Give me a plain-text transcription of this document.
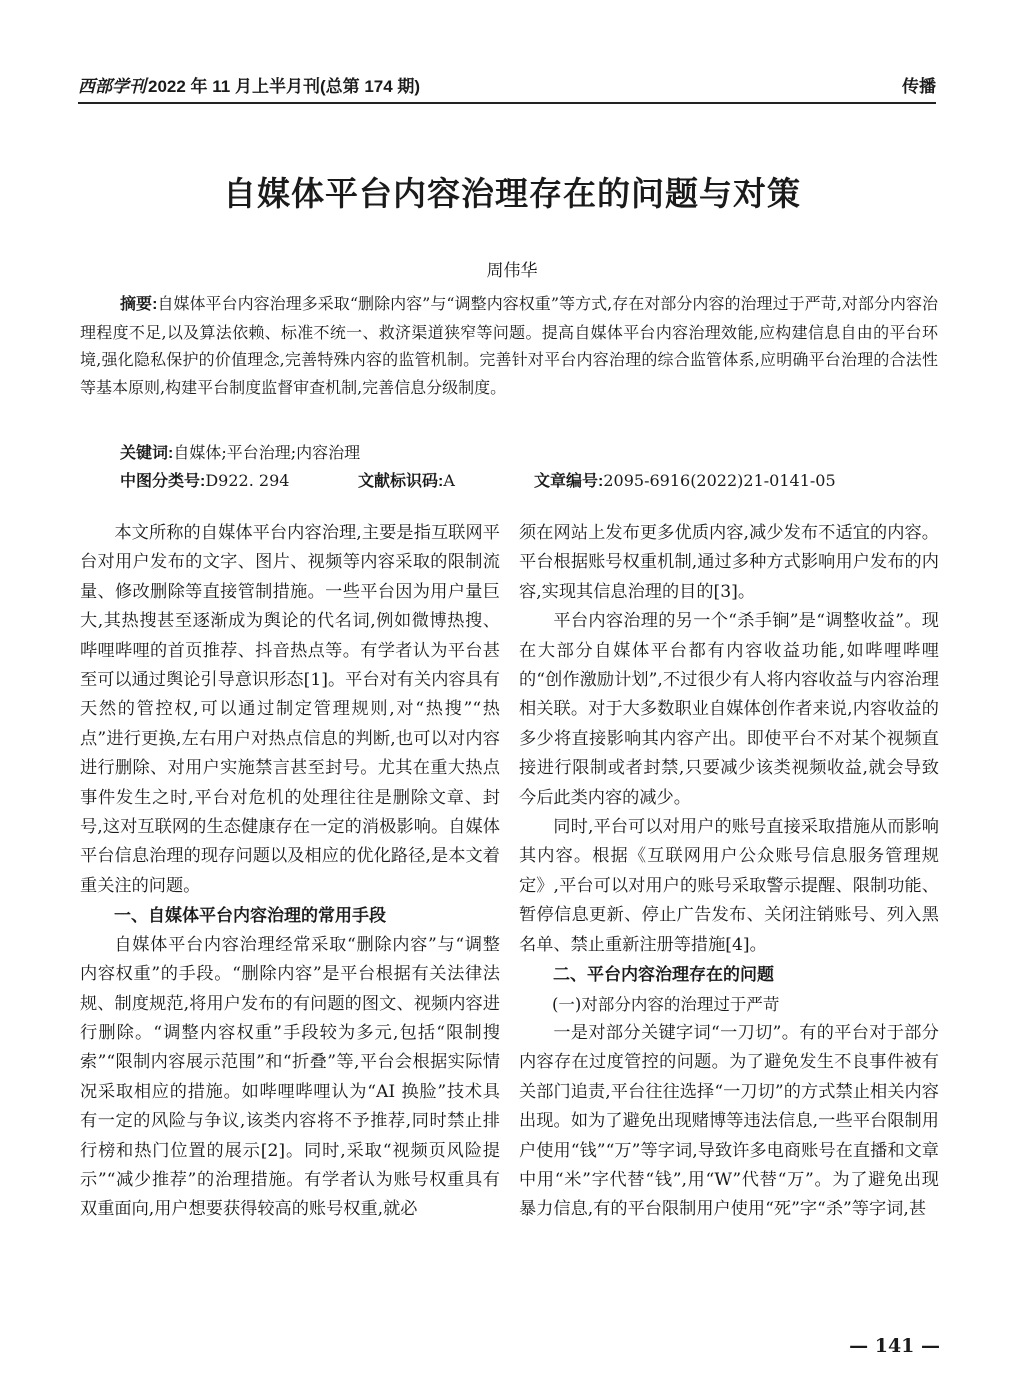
西部学刊 2022 年 11 月上半月刊(总第 174 期)	传播
自媒体平台内容治理存在的问题与对策
周伟华
摘要:自媒体平台内容治理多采取“删除内容”与“调整内容权重”等方式,存在对部分内容的治理过于严苛,对部分内容治理程度不足,以及算法依赖、标准不统一、救济渠道狭窄等问题。提高自媒体平台内容治理效能,应构建信息自由的平台环境,强化隐私保护的价值理念,完善特殊内容的监管机制。完善针对平台内容治理的综合监管体系,应明确平台治理的合法性等基本原则,构建平台制度监督审查机制,完善信息分级制度。
关键词:自媒体;平台治理;内容治理
中图分类号:D922. 294	文献标识码:A	文章编号:2095-6916(2022)21-0141-05

本文所称的自媒体平台内容治理,主要是指互联网平台对用户发布的文字、图片、视频等内容采取的限制流量、修改删除等直接管制措施。一些平台因为用户量巨大,其热搜甚至逐渐成为舆论的代名词,例如微博热搜、哔哩哔哩的首页推荐、抖音热点等。有学者认为平台甚至可以通过舆论引导意识形态[1]。平台对有关内容具有天然的管控权,可以通过制定管理规则,对“热搜”“热点”进行更换,左右用户对热点信息的判断,也可以对内容进行删除、对用户实施禁言甚至封号。尤其在重大热点事件发生之时,平台对危机的处理往往是删除文章、封号,这对互联网的生态健康存在一定的消极影响。自媒体平台信息治理的现存问题以及相应的优化路径,是本文着重关注的问题。

一、自媒体平台内容治理的常用手段

自媒体平台内容治理经常采取“删除内容”与“调整内容权重”的手段。“删除内容”是平台根据有关法律法规、制度规范,将用户发布的有问题的图文、视频内容进行删除。“调整内容权重”手段较为多元,包括“限制搜索”“限制内容展示范围”和“折叠”等,平台会根据实际情况采取相应的措施。如哔哩哔哩认为“AI 换脸”技术具有一定的风险与争议,该类内容将不予推荐,同时禁止排行榜和热门位置的展示[2]。同时,采取“视频页风险提示”“减少推荐”的治理措施。有学者认为账号权重具有双重面向,用户想要获得较高的账号权重,就必

须在网站上发布更多优质内容,减少发布不适宜的内容。平台根据账号权重机制,通过多种方式影响用户发布的内容,实现其信息治理的目的[3]。

平台内容治理的另一个“杀手锏”是“调整收益”。现在大部分自媒体平台都有内容收益功能,如哔哩哔哩的“创作激励计划”,不过很少有人将内容收益与内容治理相关联。对于大多数职业自媒体创作者来说,内容收益的多少将直接影响其内容产出。即使平台不对某个视频直接进行限制或者封禁,只要减少该类视频收益,就会导致今后此类内容的减少。

同时,平台可以对用户的账号直接采取措施从而影响其内容。根据《互联网用户公众账号信息服务管理规定》,平台可以对用户的账号采取警示提醒、限制功能、暂停信息更新、停止广告发布、关闭注销账号、列入黑名单、禁止重新注册等措施[4]。

二、平台内容治理存在的问题
(一)对部分内容的治理过于严苛

一是对部分关键字词“一刀切”。有的平台对于部分内容存在过度管控的问题。为了避免发生不良事件被有关部门追责,平台往往选择“一刀切”的方式禁止相关内容出现。如为了避免出现赌博等违法信息,一些平台限制用户使用“钱”“万”等字词,导致许多电商账号在直播和文章中用“米”字代替“钱”,用“W”代替“万”。为了避免出现暴力信息,有的平台限制用户使用“死”字“杀”等字词,甚

— 141 —
